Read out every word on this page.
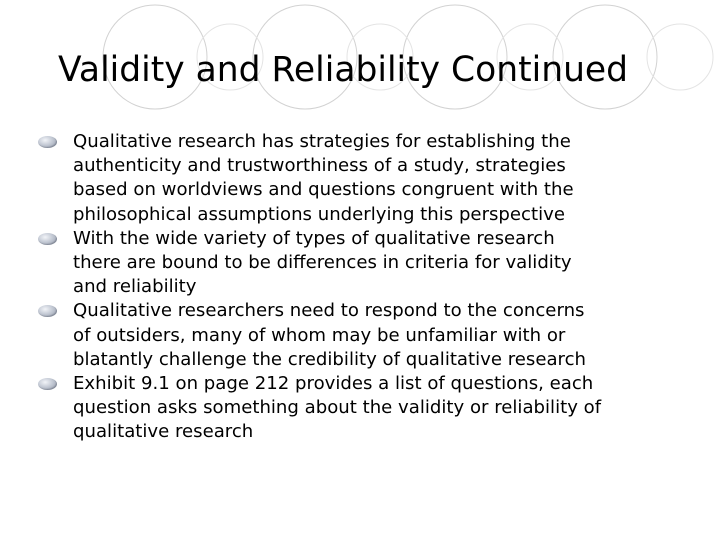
Validity and Reliability Continued
Qualitative research has strategies for establishing the
authenticity and trustworthiness of a study, strategies
based on worldviews and questions congruent with the
philosophical assumptions underlying this perspective
With the wide variety of types of qualitative research
there are bound to be differences in criteria for validity
and reliability
Qualitative researchers need to respond to the concerns
of outsiders, many of whom may be unfamiliar with or
blatantly challenge the credibility of qualitative research
Exhibit 9.1 on page 212 provides a list of questions, each
question asks something about the validity or reliability of
qualitative research
